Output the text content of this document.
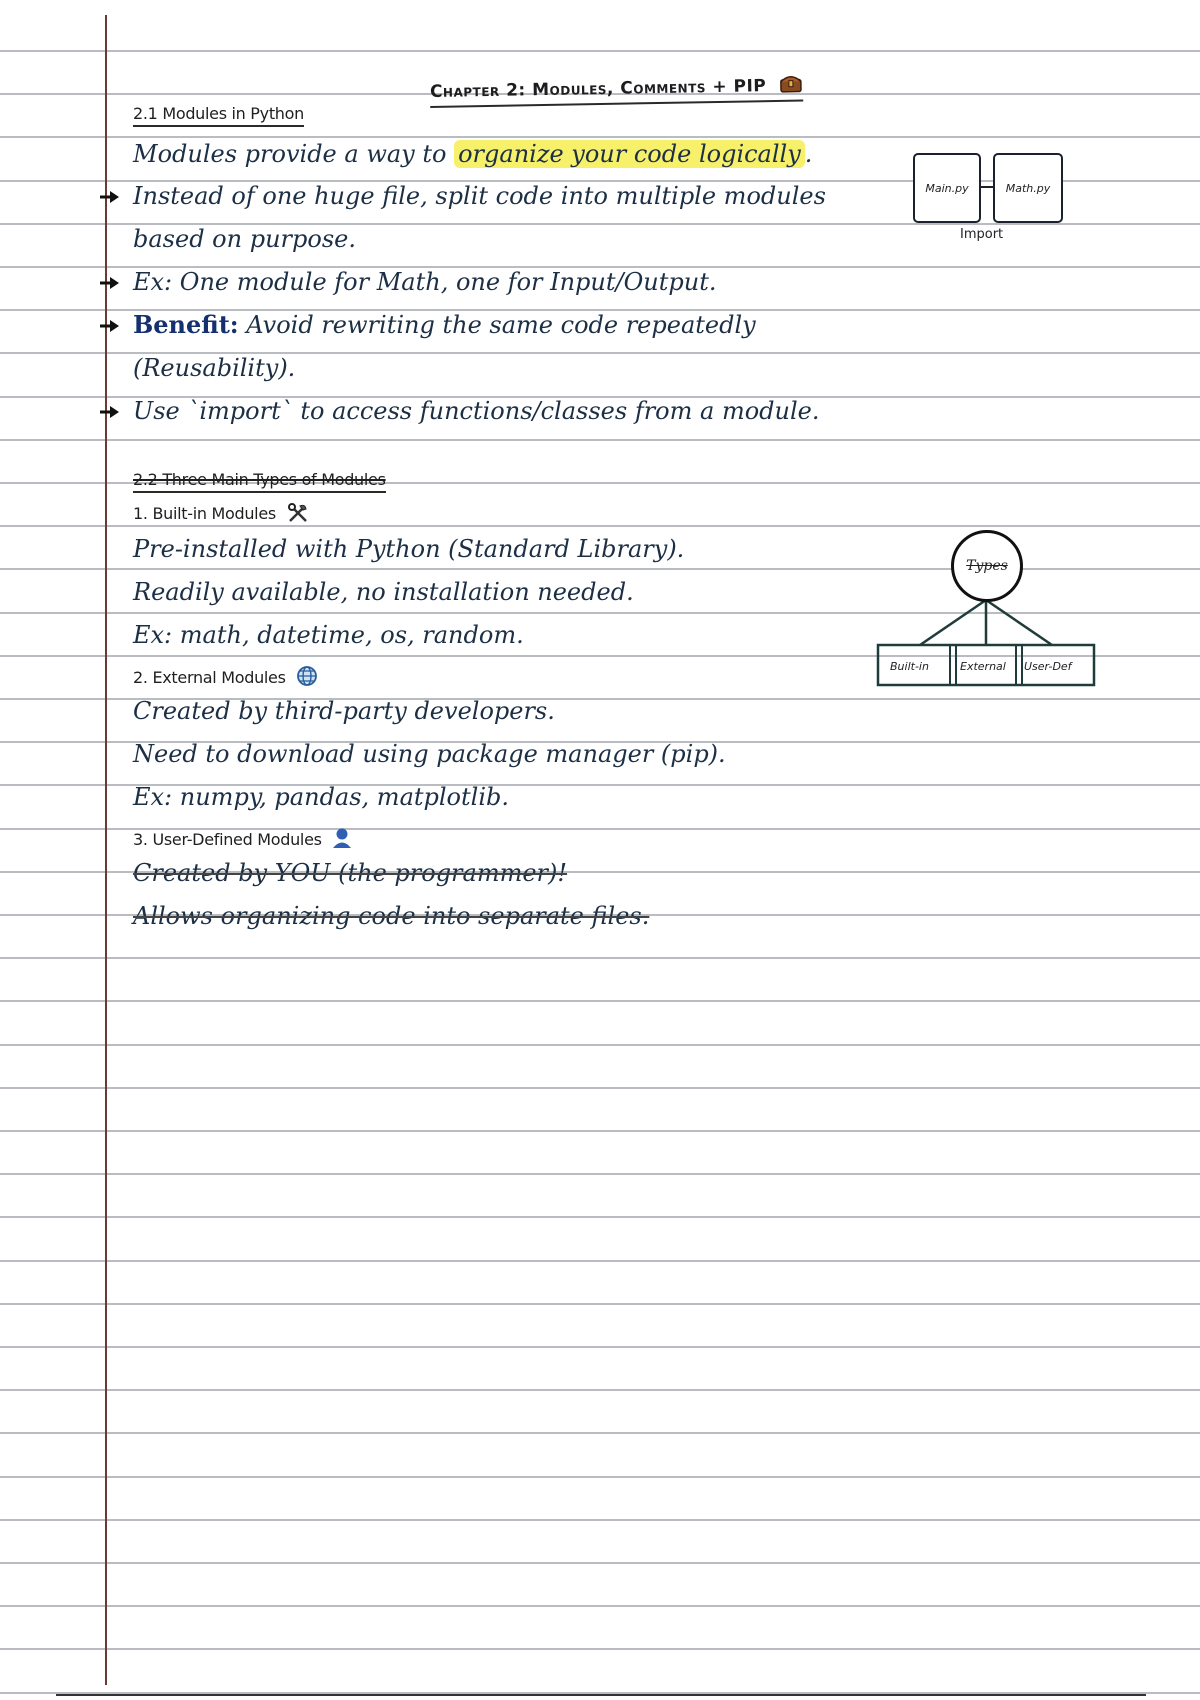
Chapter 2: Modules, Comments + PIP
2.1 Modules in Python
Modules provide a way to organize your code logically .
Instead of one huge file, split code into multiple modules
based on purpose.
Ex: One module for Math, one for Input/Output.
Benefit: Avoid rewriting the same code repeatedly
(Reusability).
Use `import` to access functions/classes from a module.
Main.py	Math.py
Import
2.2 Three Main Types of Modules
1. Built-in Modules
Pre-installed with Python (Standard Library).
Readily available, no installation needed.
Ex: math, datetime, os, random.
2. External Modules
Created by third-party developers.
Need to download using package manager (pip).
Ex: numpy, pandas, matplotlib.
3. User-Defined Modules
Created by YOU (the programmer)!
Allows organizing code into separate files.
Types
Built-in	External User-Def
